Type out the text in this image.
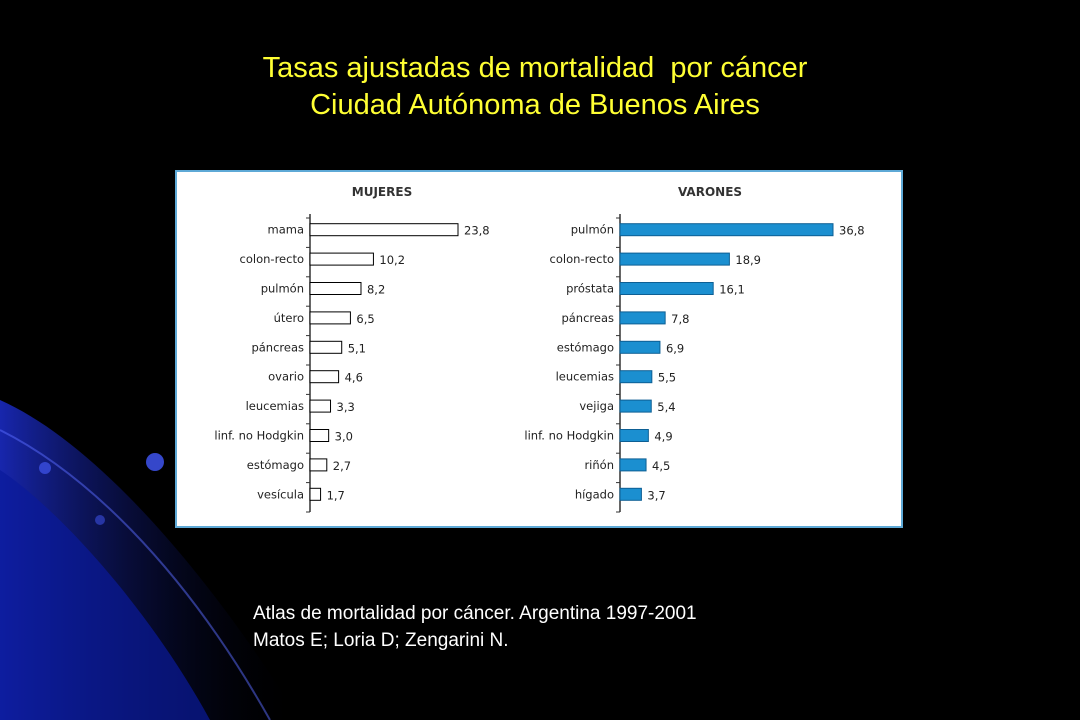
Tasas ajustadas de mortalidad  por cáncer
Ciudad Autónoma de Buenos Aires
MUJERES
mama	23,8
colon-recto	10,2
pulmón	8,2
útero	6,5
páncreas	5,1
ovario	4,6
leucemias	3,3
linf. no Hodgkin	3,0
estómago	2,7
vesícula 1,7
VARONES
pulmón	36,8
colon-recto	18,9
próstata	16,1
páncreas	7,8
estómago	6,9
leucemias	5,5
vejiga	5,4
linf. no Hodgkin	4,9
riñón	4,5
hígado	3,7
Atlas de mortalidad por cáncer. Argentina 1997-2001
Matos E; Loria D; Zengarini N.
